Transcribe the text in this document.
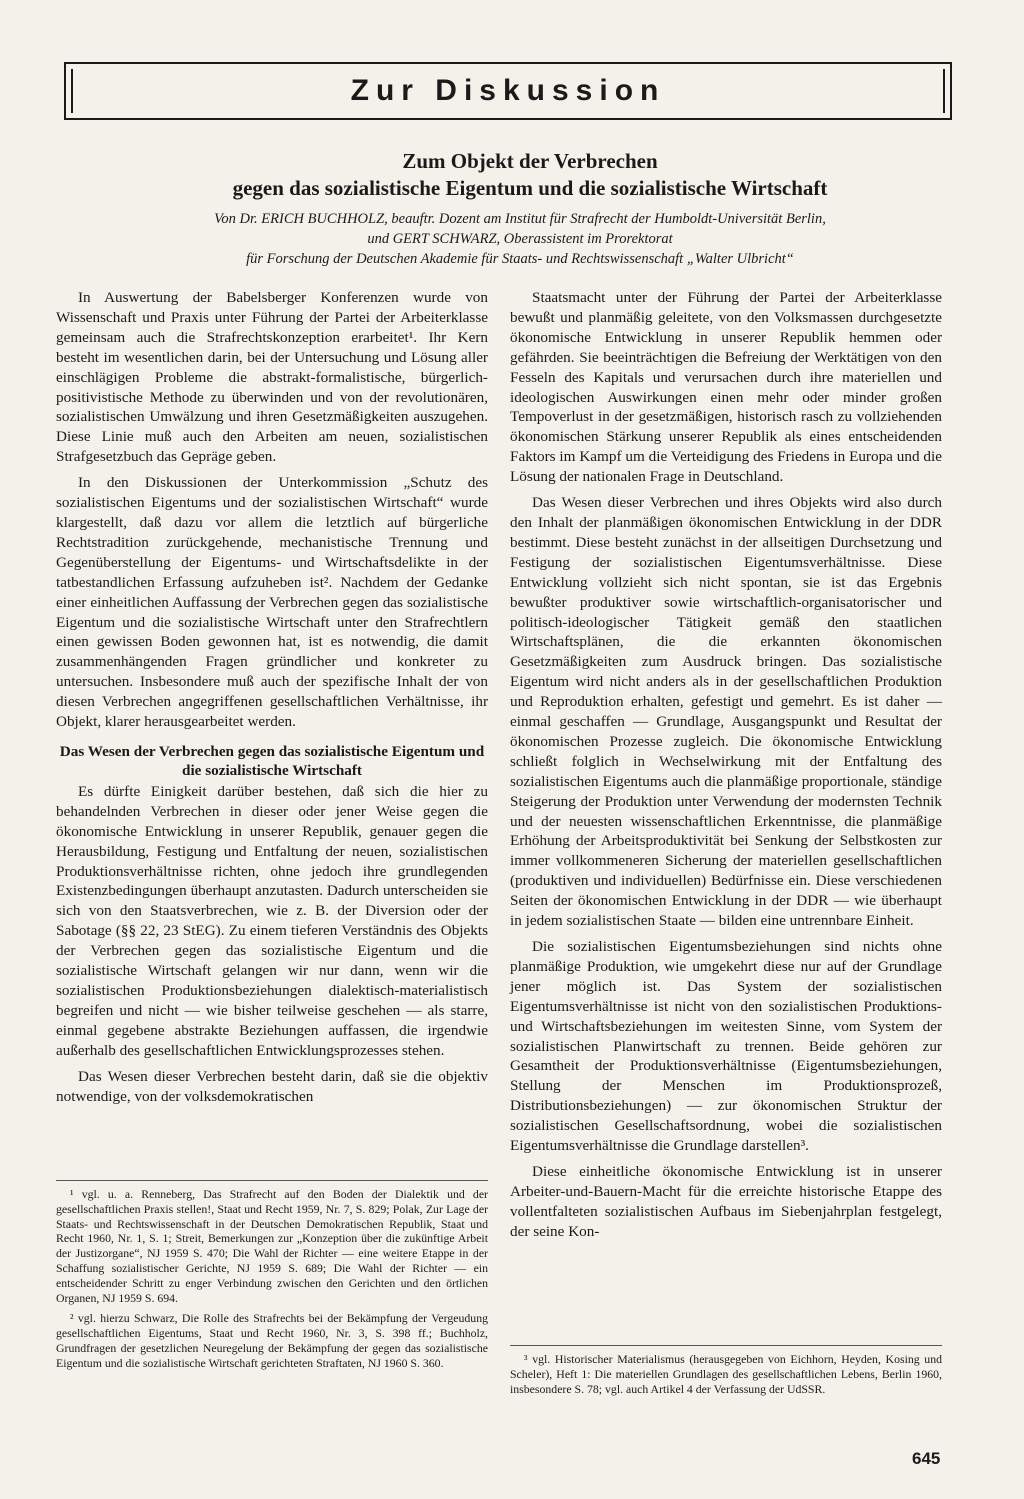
Zur Diskussion
Zum Objekt der Verbrechen
gegen das sozialistische Eigentum und die sozialistische Wirtschaft
Von Dr. ERICH BUCHHOLZ, beauftr. Dozent am Institut für Strafrecht der Humboldt-Universität Berlin,
und GERT SCHWARZ, Oberassistent im Prorektorat
für Forschung der Deutschen Akademie für Staats- und Rechtswissenschaft „Walter Ulbricht“

In Auswertung der Babelsberger Konferenzen wurde von Wissenschaft und Praxis unter Führung der Partei der Arbeiterklasse gemeinsam auch die Strafrechtskonzeption erarbeitet¹. Ihr Kern besteht im wesentlichen darin, bei der Untersuchung und Lösung aller einschlägigen Probleme die abstrakt-formalistische, bürgerlich-positivistische Methode zu überwinden und von der revolutionären, sozialistischen Umwälzung und ihren Gesetzmäßigkeiten auszugehen. Diese Linie muß auch den Arbeiten am neuen, sozialistischen Strafgesetzbuch das Gepräge geben.

In den Diskussionen der Unterkommission „Schutz des sozialistischen Eigentums und der sozialistischen Wirtschaft“ wurde klargestellt, daß dazu vor allem die letztlich auf bürgerliche Rechtstradition zurückgehende, mechanistische Trennung und Gegenüberstellung der Eigentums- und Wirtschaftsdelikte in der tatbestandlichen Erfassung aufzuheben ist². Nachdem der Gedanke einer einheitlichen Auffassung der Verbrechen gegen das sozialistische Eigentum und die sozialistische Wirtschaft unter den Strafrechtlern einen gewissen Boden gewonnen hat, ist es notwendig, die damit zusammenhängenden Fragen gründlicher und konkreter zu untersuchen. Insbesondere muß auch der spezifische Inhalt der von diesen Verbrechen angegriffenen gesellschaftlichen Verhältnisse, ihr Objekt, klarer herausgearbeitet werden.

Das Wesen der Verbrechen gegen das sozialistische Eigentum und die sozialistische Wirtschaft

Es dürfte Einigkeit darüber bestehen, daß sich die hier zu behandelnden Verbrechen in dieser oder jener Weise gegen die ökonomische Entwicklung in unserer Republik, genauer gegen die Herausbildung, Festigung und Entfaltung der neuen, sozialistischen Produktionsverhältnisse richten, ohne jedoch ihre grundlegenden Existenzbedingungen überhaupt anzutasten. Dadurch unterscheiden sie sich von den Staatsverbrechen, wie z. B. der Diversion oder der Sabotage (§§ 22, 23 StEG). Zu einem tieferen Verständnis des Objekts der Verbrechen gegen das sozialistische Eigentum und die sozialistische Wirtschaft gelangen wir nur dann, wenn wir die sozialistischen Produktionsbeziehungen dialektisch-materialistisch begreifen und nicht — wie bisher teilweise geschehen — als starre, einmal gegebene abstrakte Beziehungen auffassen, die irgendwie außerhalb des gesellschaftlichen Entwicklungsprozesses stehen.

Das Wesen dieser Verbrechen besteht darin, daß sie die objektiv notwendige, von der volksdemokratischen

¹ vgl. u. a. Renneberg, Das Strafrecht auf den Boden der Dialektik und der gesellschaftlichen Praxis stellen!, Staat und Recht 1959, Nr. 7, S. 829; Polak, Zur Lage der Staats- und Rechtswissenschaft in der Deutschen Demokratischen Republik, Staat und Recht 1960, Nr. 1, S. 1; Streit, Bemerkungen zur „Konzeption über die zukünftige Arbeit der Justizorgane“, NJ 1959 S. 470; Die Wahl der Richter — eine weitere Etappe in der Schaffung sozialistischer Gerichte, NJ 1959 S. 689; Die Wahl der Richter — ein entscheidender Schritt zu enger Verbindung zwischen den Gerichten und den örtlichen Organen, NJ 1959 S. 694.

² vgl. hierzu Schwarz, Die Rolle des Strafrechts bei der Bekämpfung der Vergeudung gesellschaftlichen Eigentums, Staat und Recht 1960, Nr. 3, S. 398 ff.; Buchholz, Grundfragen der gesetzlichen Neuregelung der Bekämpfung der gegen das sozialistische Eigentum und die sozialistische Wirtschaft gerichteten Straftaten, NJ 1960 S. 360.

Staatsmacht unter der Führung der Partei der Arbeiterklasse bewußt und planmäßig geleitete, von den Volksmassen durchgesetzte ökonomische Entwicklung in unserer Republik hemmen oder gefährden. Sie beeinträchtigen die Befreiung der Werktätigen von den Fesseln des Kapitals und verursachen durch ihre materiellen und ideologischen Auswirkungen einen mehr oder minder großen Tempoverlust in der gesetzmäßigen, historisch rasch zu vollziehenden ökonomischen Stärkung unserer Republik als eines entscheidenden Faktors im Kampf um die Verteidigung des Friedens in Europa und die Lösung der nationalen Frage in Deutschland.

Das Wesen dieser Verbrechen und ihres Objekts wird also durch den Inhalt der planmäßigen ökonomischen Entwicklung in der DDR bestimmt. Diese besteht zunächst in der allseitigen Durchsetzung und Festigung der sozialistischen Eigentumsverhältnisse. Diese Entwicklung vollzieht sich nicht spontan, sie ist das Ergebnis bewußter produktiver sowie wirtschaftlich-organisatorischer und politisch-ideologischer Tätigkeit gemäß den staatlichen Wirtschaftsplänen, die die erkannten ökonomischen Gesetzmäßigkeiten zum Ausdruck bringen. Das sozialistische Eigentum wird nicht anders als in der gesellschaftlichen Produktion und Reproduktion erhalten, gefestigt und gemehrt. Es ist daher — einmal geschaffen — Grundlage, Ausgangspunkt und Resultat der ökonomischen Prozesse zugleich. Die ökonomische Entwicklung schließt folglich in Wechselwirkung mit der Entfaltung des sozialistischen Eigentums auch die planmäßige proportionale, ständige Steigerung der Produktion unter Verwendung der modernsten Technik und der neuesten wissenschaftlichen Erkenntnisse, die planmäßige Erhöhung der Arbeitsproduktivität bei Senkung der Selbstkosten zur immer vollkommeneren Sicherung der materiellen gesellschaftlichen (produktiven und individuellen) Bedürfnisse ein. Diese verschiedenen Seiten der ökonomischen Entwicklung in der DDR — wie überhaupt in jedem sozialistischen Staate — bilden eine untrennbare Einheit.

Die sozialistischen Eigentumsbeziehungen sind nichts ohne planmäßige Produktion, wie umgekehrt diese nur auf der Grundlage jener möglich ist. Das System der sozialistischen Eigentumsverhältnisse ist nicht von den sozialistischen Produktions- und Wirtschaftsbeziehungen im weitesten Sinne, vom System der sozialistischen Planwirtschaft zu trennen. Beide gehören zur Gesamtheit der Produktionsverhältnisse (Eigentumsbeziehungen, Stellung der Menschen im Produktionsprozeß, Distributionsbeziehungen) — zur ökonomischen Struktur der sozialistischen Gesellschaftsordnung, wobei die sozialistischen Eigentumsverhältnisse die Grundlage darstellen³.

Diese einheitliche ökonomische Entwicklung ist in unserer Arbeiter-und-Bauern-Macht für die erreichte historische Etappe des vollentfalteten sozialistischen Aufbaus im Siebenjahrplan festgelegt, der seine Kon-

³ vgl. Historischer Materialismus (herausgegeben von Eichhorn, Heyden, Kosing und Scheler), Heft 1: Die materiellen Grundlagen des gesellschaftlichen Lebens, Berlin 1960, insbesondere S. 78; vgl. auch Artikel 4 der Verfassung der UdSSR.

645
